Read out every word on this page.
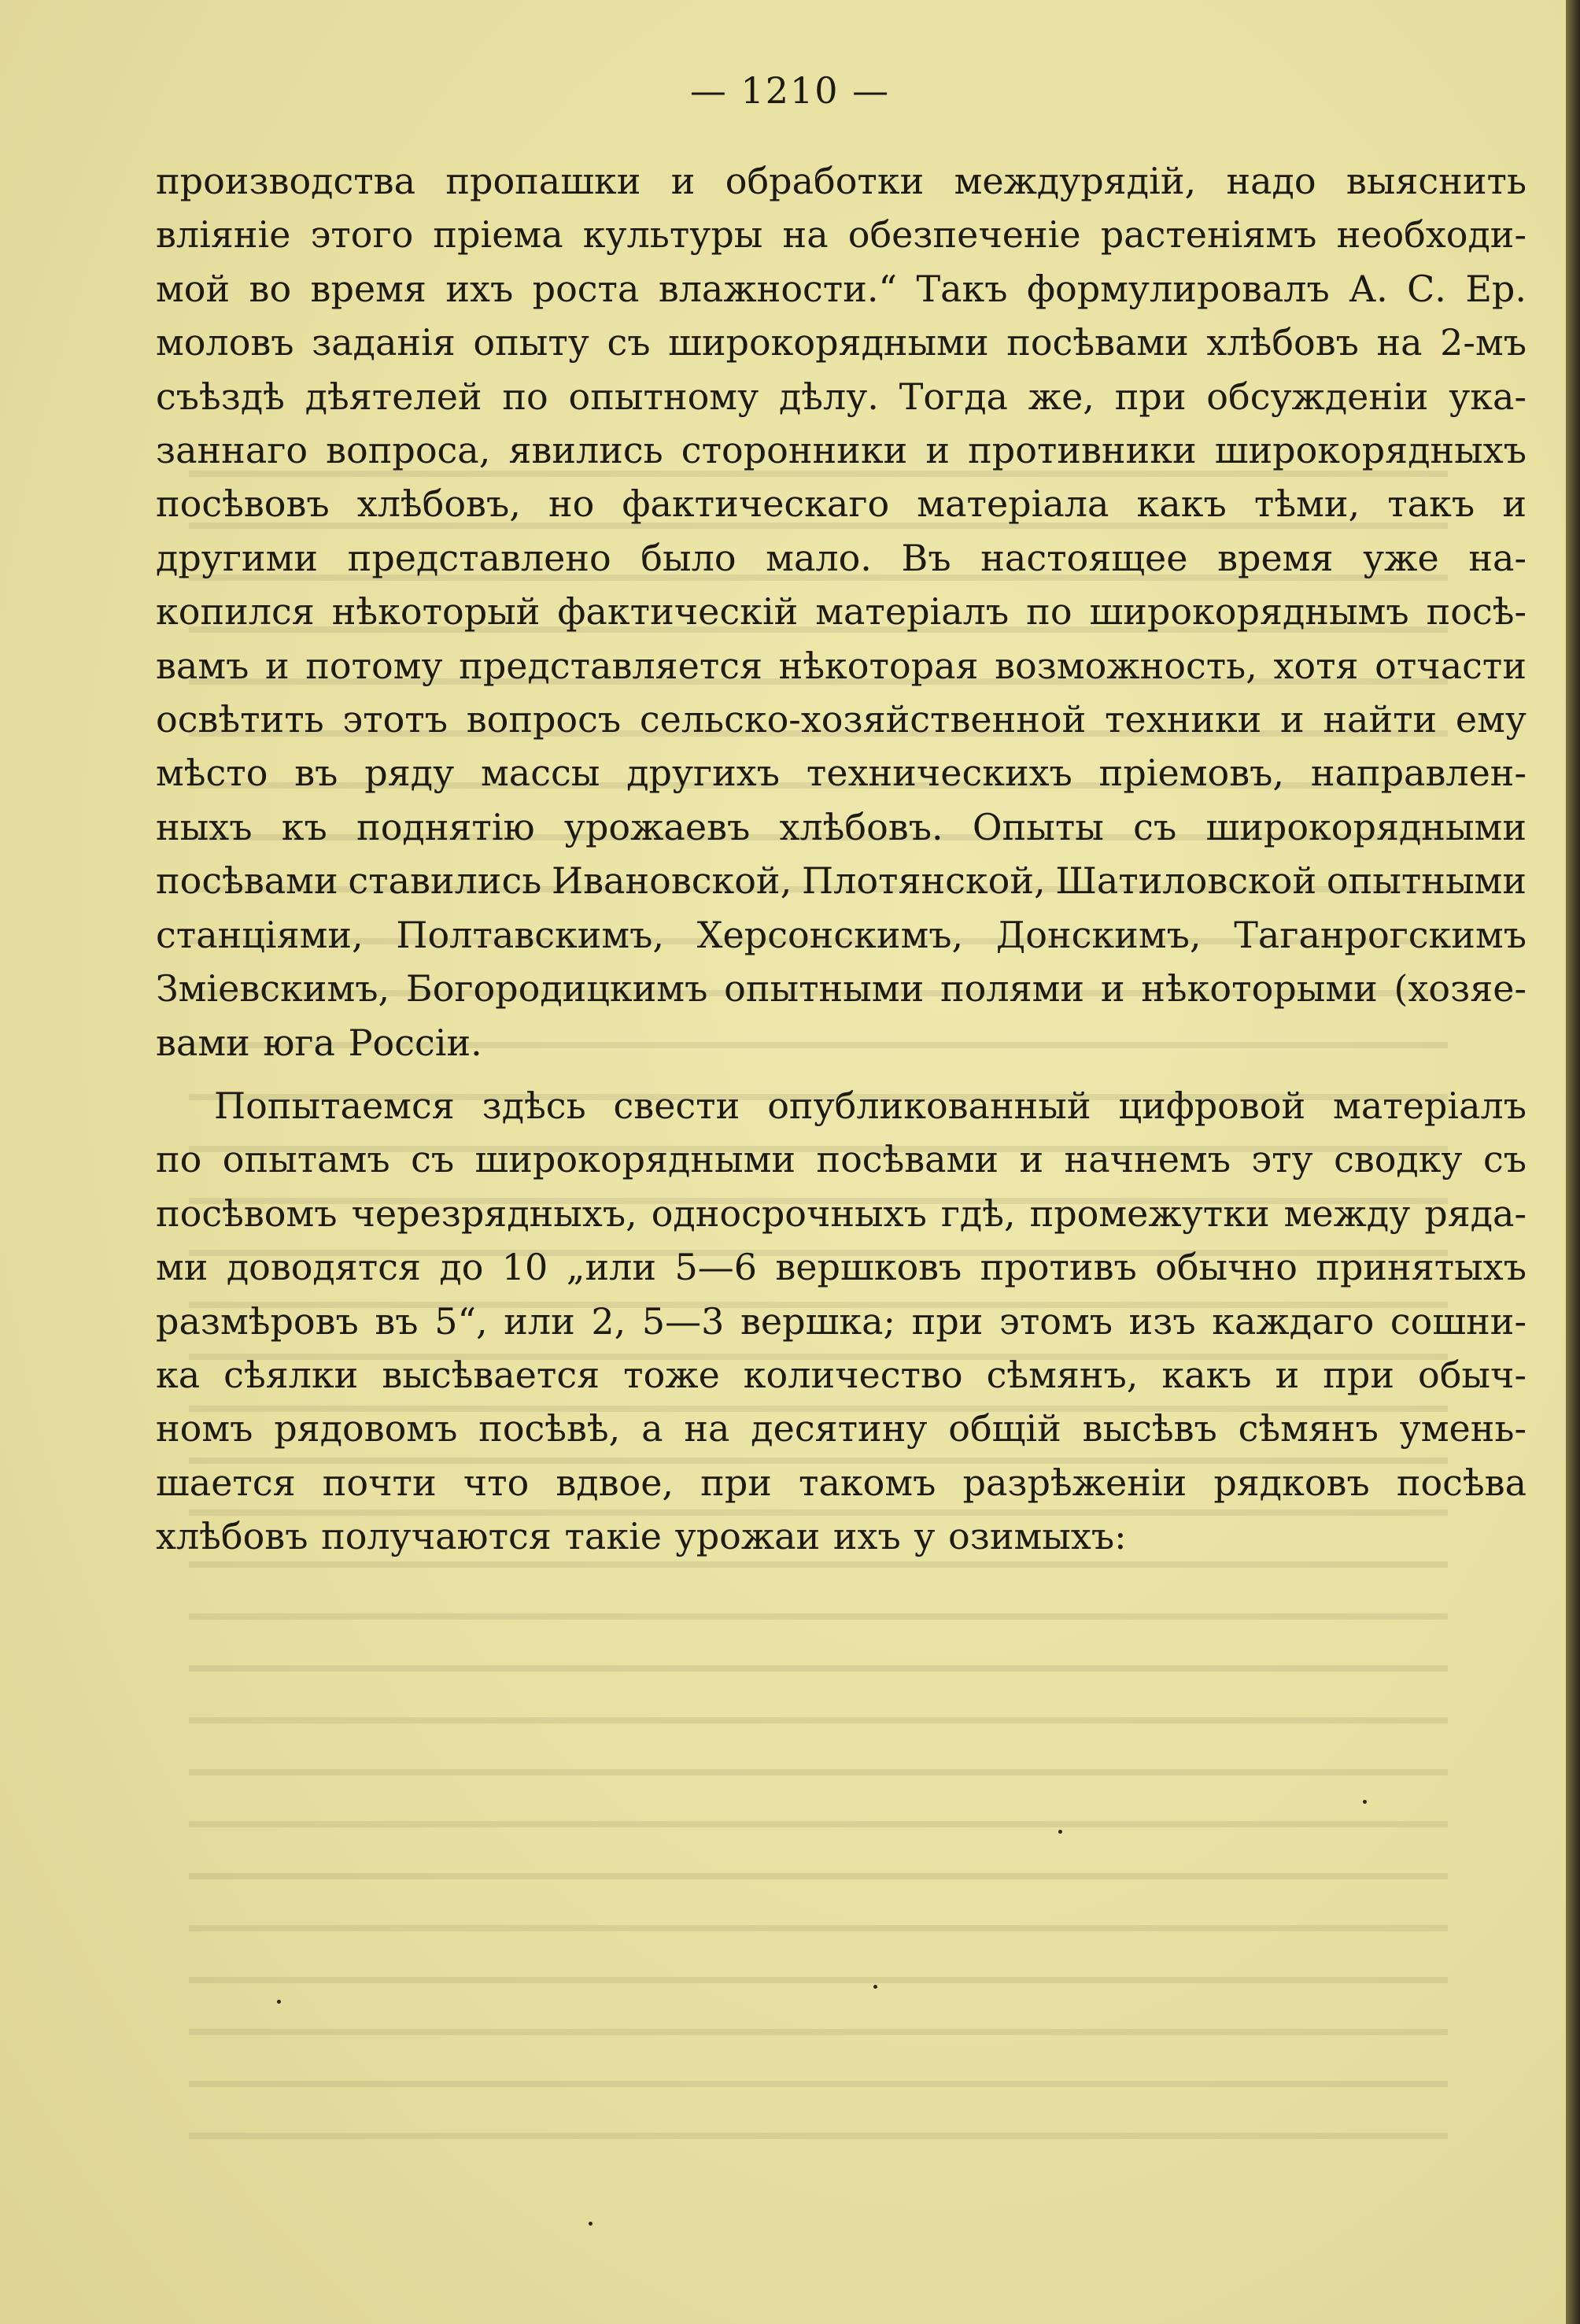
— 1210 —

производства пропашки и обработки междурядій, надо выяснить
вліяніе этого пріема культуры на обезпеченіе растеніямъ необходи-
мой во время ихъ роста влажности.“ Такъ формулировалъ А. С. Ер.
моловъ заданія опыту съ широкорядными посѣвами хлѣбовъ на 2-мъ
съѣздѣ дѣятелей по опытному дѣлу. Тогда же, при обсужденіи ука-
заннаго вопроса, явились сторонники и противники широкорядныхъ
посѣвовъ хлѣбовъ, но фактическаго матеріала какъ тѣми, такъ и
другими представлено было мало. Въ настоящее время уже на-
копился нѣкоторый фактическій матеріалъ по широкоряднымъ посѣ-
вамъ и потому представляется нѣкоторая возможность, хотя отчасти
освѣтить этотъ вопросъ сельско-хозяйственной техники и найти ему
мѣсто въ ряду массы другихъ техническихъ пріемовъ, направлен-
ныхъ къ поднятію урожаевъ хлѣбовъ. Опыты съ широкорядными
посѣвами ставились Ивановской, Плотянской, Шатиловской опытными
станціями, Полтавскимъ, Херсонскимъ, Донскимъ, Таганрогскимъ
Зміевскимъ, Богородицкимъ опытными полями и нѣкоторыми (хозяе-
вами юга Россіи.

Попытаемся здѣсь свести опубликованный цифровой матеріалъ
по опытамъ съ широкорядными посѣвами и начнемъ эту сводку съ
посѣвомъ черезрядныхъ, односрочныхъ гдѣ, промежутки между ряда-
ми доводятся до 10 „или 5—6 вершковъ противъ обычно принятыхъ
размѣровъ въ 5“, или 2, 5—3 вершка; при этомъ изъ каждаго сошни-
ка сѣялки высѣвается тоже количество сѣмянъ, какъ и при обыч-
номъ рядовомъ посѣвѣ, а на десятину общій высѣвъ сѣмянъ умень-
шается почти что вдвое, при такомъ разрѣженіи рядковъ посѣва
хлѣбовъ получаются такіе урожаи ихъ у озимыхъ:
